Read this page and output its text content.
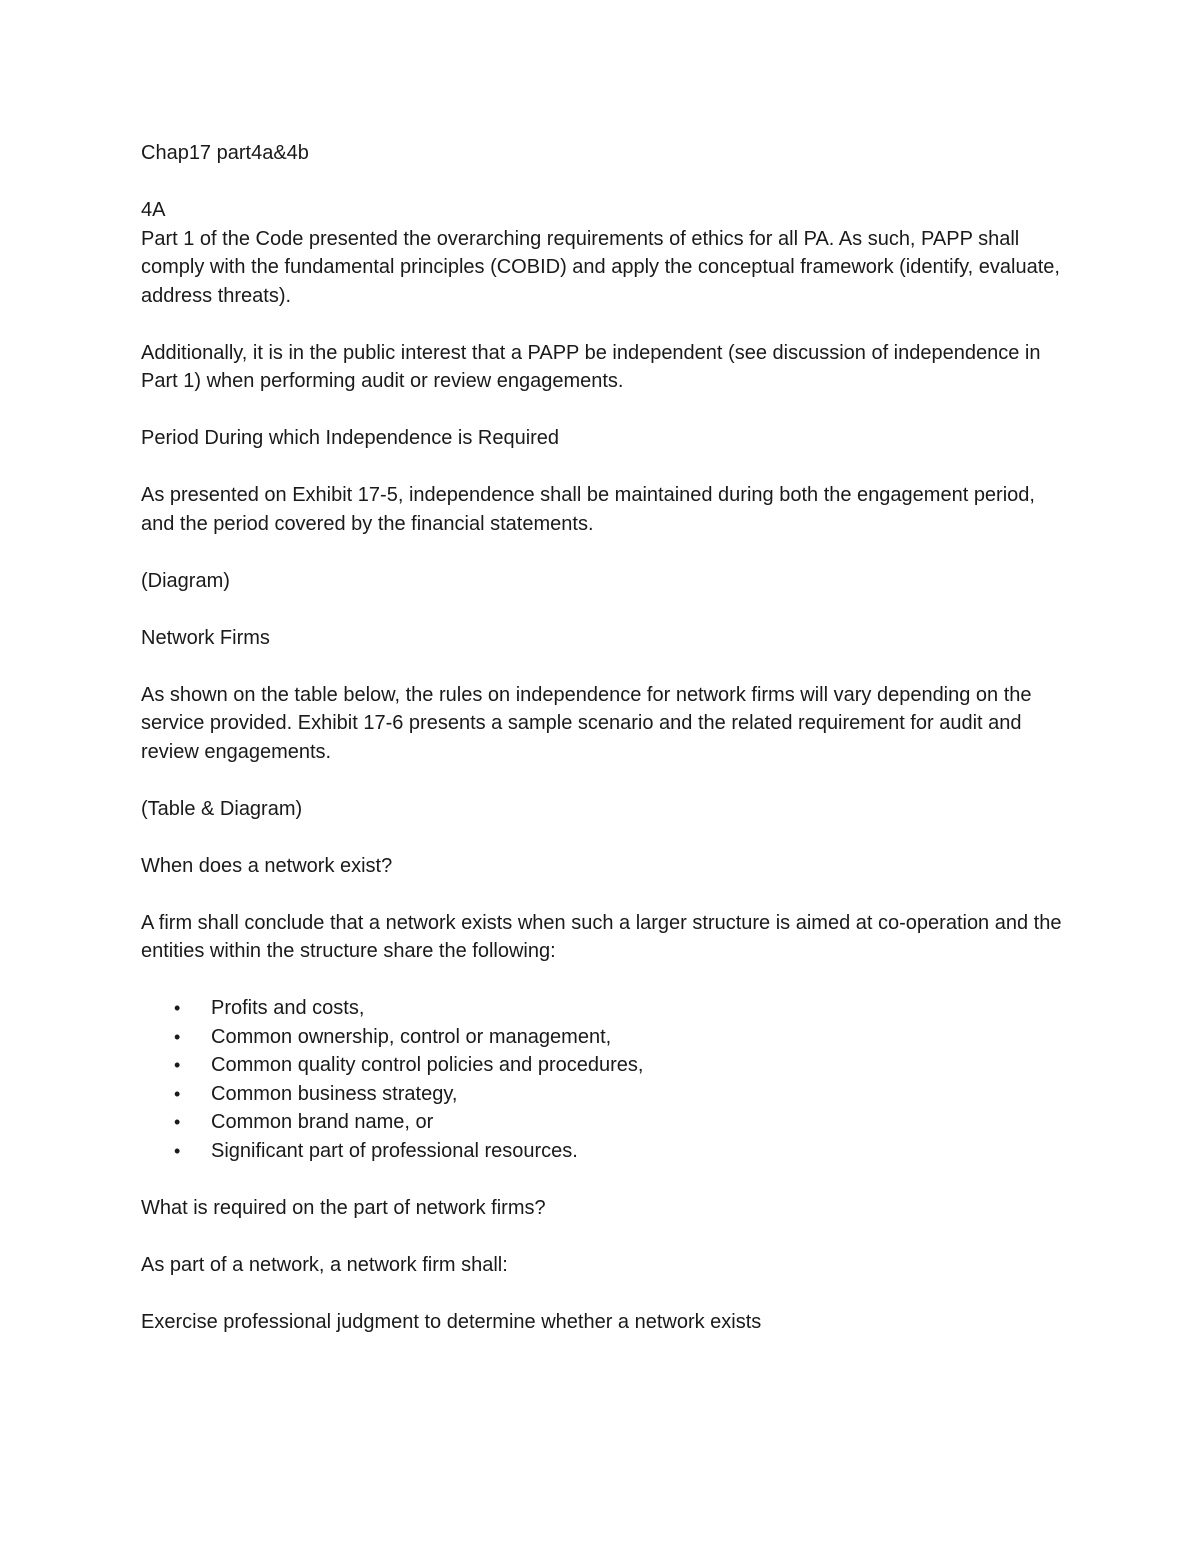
Chap17 part4a&4b

4A

Part 1 of the Code presented the overarching requirements of ethics for all PA. As such, PAPP shall comply with the fundamental principles (COBID) and apply the conceptual framework (identify, evaluate, address threats).

Additionally, it is in the public interest that a PAPP be independent (see discussion of independence in Part 1) when performing audit or review engagements.

Period During which Independence is Required

As presented on Exhibit 17-5, independence shall be maintained during both the engagement period, and the period covered by the financial statements.

(Diagram)

Network Firms

As shown on the table below, the rules on independence for network firms will vary depending on the service provided. Exhibit 17-6 presents a sample scenario and the related requirement for audit and review engagements.

(Table & Diagram)

When does a network exist?

A firm shall conclude that a network exists when such a larger structure is aimed at co-operation and the entities within the structure share the following:

• Profits and costs,
• Common ownership, control or management,
• Common quality control policies and procedures,
• Common business strategy,
• Common brand name, or
• Significant part of professional resources.

What is required on the part of network firms?

As part of a network, a network firm shall:

Exercise professional judgment to determine whether a network exists
